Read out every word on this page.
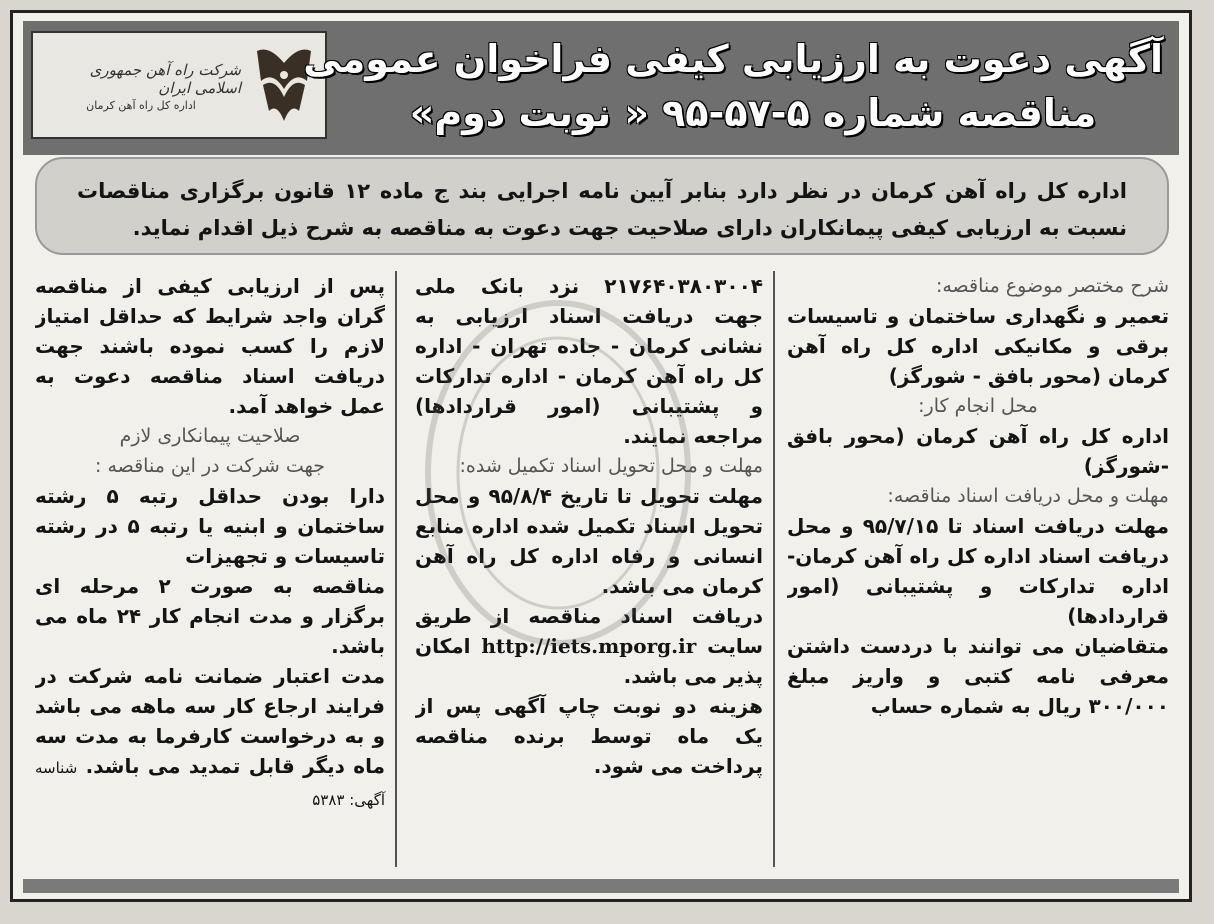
شرکت راه آهن جمهوری اسلامی ایران
اداره کل راه آهن کرمان
آگهی دعوت به ارزیابی کیفی فراخوان عمومی
مناقصه شماره ۵-۵۷-۹۵ « نوبت دوم»
اداره کل راه آهن کرمان در نظر دارد بنابر آیین نامه اجرایی بند ج ماده ۱۲ قانون برگزاری مناقصات نسبت به ارزیابی کیفی پیمانکاران دارای صلاحیت جهت دعوت به مناقصه به شرح ذیل اقدام نماید.

شرح مختصر موضوع مناقصه:

تعمیر و نگهداری ساختمان و تاسیسات برقی و مکانیکی اداره کل راه آهن کرمان (محور بافق - شورگز)

محل انجام کار:

اداره کل راه آهن کرمان (محور بافق -شورگز)

مهلت و محل دریافت اسناد مناقصه:

مهلت دریافت اسناد تا ۹۵/۷/۱۵ و محل دریافت اسناد اداره کل راه آهن کرمان- اداره تدارکات و پشتیبانی (امور قراردادها)

متقاضیان می توانند با دردست داشتن معرفی نامه کتبی و واریز مبلغ ۳۰۰/۰۰۰ ریال به شماره حساب

۲۱۷۶۴۰۳۸۰۳۰۰۴ نزد بانک ملی جهت دریافت اسناد ارزیابی به نشانی کرمان - جاده تهران - اداره کل راه آهن کرمان - اداره تدارکات و پشتیبانی (امور قراردادها) مراجعه نمایند.

مهلت و محل تحویل اسناد تکمیل شده:

مهلت تحویل تا تاریخ ۹۵/۸/۴ و محل تحویل اسناد تکمیل شده اداره منابع انسانی و رفاه اداره کل راه آهن کرمان می باشد.

دریافت اسناد مناقصه از طریق سایت http://iets.mporg.ir امکان پذیر می باشد.

هزینه دو نوبت چاپ آگهی پس از یک ماه توسط برنده مناقصه پرداخت می شود.

پس از ارزیابی کیفی از مناقصه گران واجد شرایط که حداقل امتیاز لازم را کسب نموده باشند جهت دریافت اسناد مناقصه دعوت به عمل خواهد آمد.

صلاحیت پیمانکاری لازم

جهت شرکت در این مناقصه :

دارا بودن حداقل رتبه ۵ رشته ساختمان و ابنیه یا رتبه ۵ در رشته تاسیسات و تجهیزات

مناقصه به صورت ۲ مرحله ای برگزار و مدت انجام کار ۲۴ ماه می باشد.

مدت اعتبار ضمانت نامه شرکت در فرایند ارجاع کار سه ماهه می باشد و به درخواست کارفرما به مدت سه ماه دیگر قابل تمدید می باشد. شناسه آگهی: ۵۳۸۳
